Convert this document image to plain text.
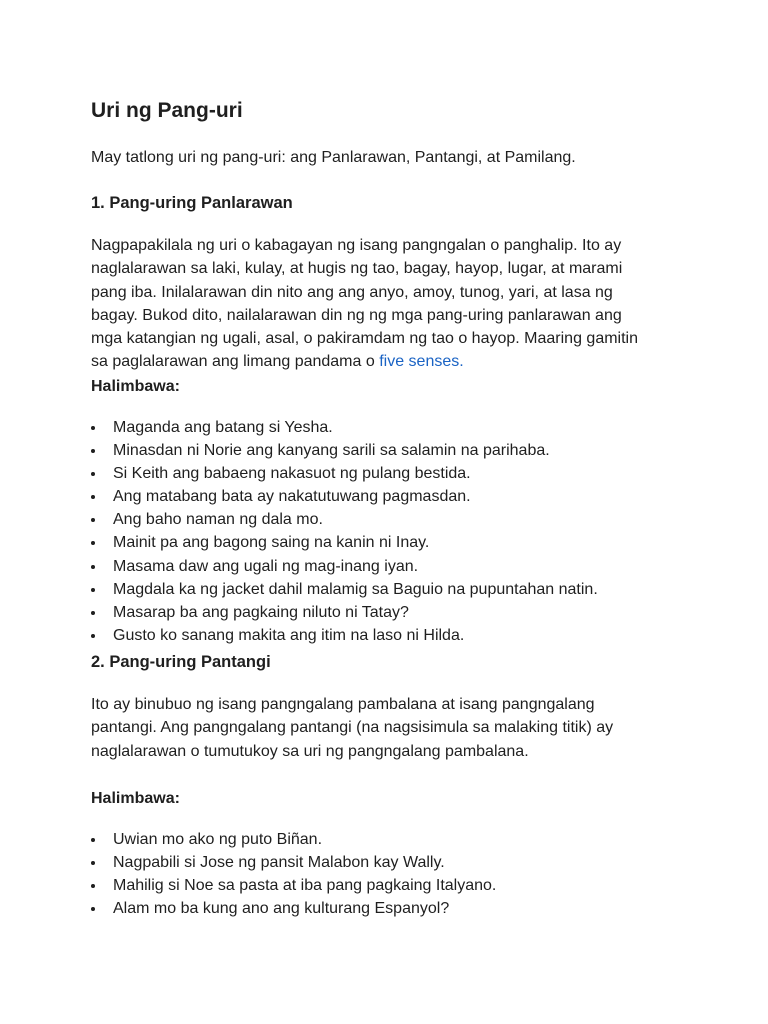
Uri ng Pang-uri

May tatlong uri ng pang-uri: ang Panlarawan, Pantangi, at Pamilang.

1. Pang-uring Panlarawan

Nagpapakilala ng uri o kabagayan ng isang pangngalan o panghalip. Ito ay
naglalarawan sa laki, kulay, at hugis ng tao, bagay, hayop, lugar, at marami
pang iba. Inilalarawan din nito ang ang anyo, amoy, tunog, yari, at lasa ng
bagay. Bukod dito, nailalarawan din ng ng mga pang-uring panlarawan ang
mga katangian ng ugali, asal, o pakiramdam ng tao o hayop. Maaring gamitin
sa paglalarawan ang limang pandama o five senses.

Halimbawa:
Maganda ang batang si Yesha.
Minasdan ni Norie ang kanyang sarili sa salamin na parihaba.
Si Keith ang babaeng nakasuot ng pulang bestida.
Ang matabang bata ay nakatutuwang pagmasdan.
Ang baho naman ng dala mo.
Mainit pa ang bagong saing na kanin ni Inay.
Masama daw ang ugali ng mag-inang iyan.
Magdala ka ng jacket dahil malamig sa Baguio na pupuntahan natin.
Masarap ba ang pagkaing niluto ni Tatay?
Gusto ko sanang makita ang itim na laso ni Hilda.
2. Pang-uring Pantangi

Ito ay binubuo ng isang pangngalang pambalana at isang pangngalang
pantangi. Ang pangngalang pantangi (na nagsisimula sa malaking titik) ay
naglalarawan o tumutukoy sa uri ng pangngalang pambalana.

Halimbawa:
Uwian mo ako ng puto Biñan.
Nagpabili si Jose ng pansit Malabon kay Wally.
Mahilig si Noe sa pasta at iba pang pagkaing Italyano.
Alam mo ba kung ano ang kulturang Espanyol?
